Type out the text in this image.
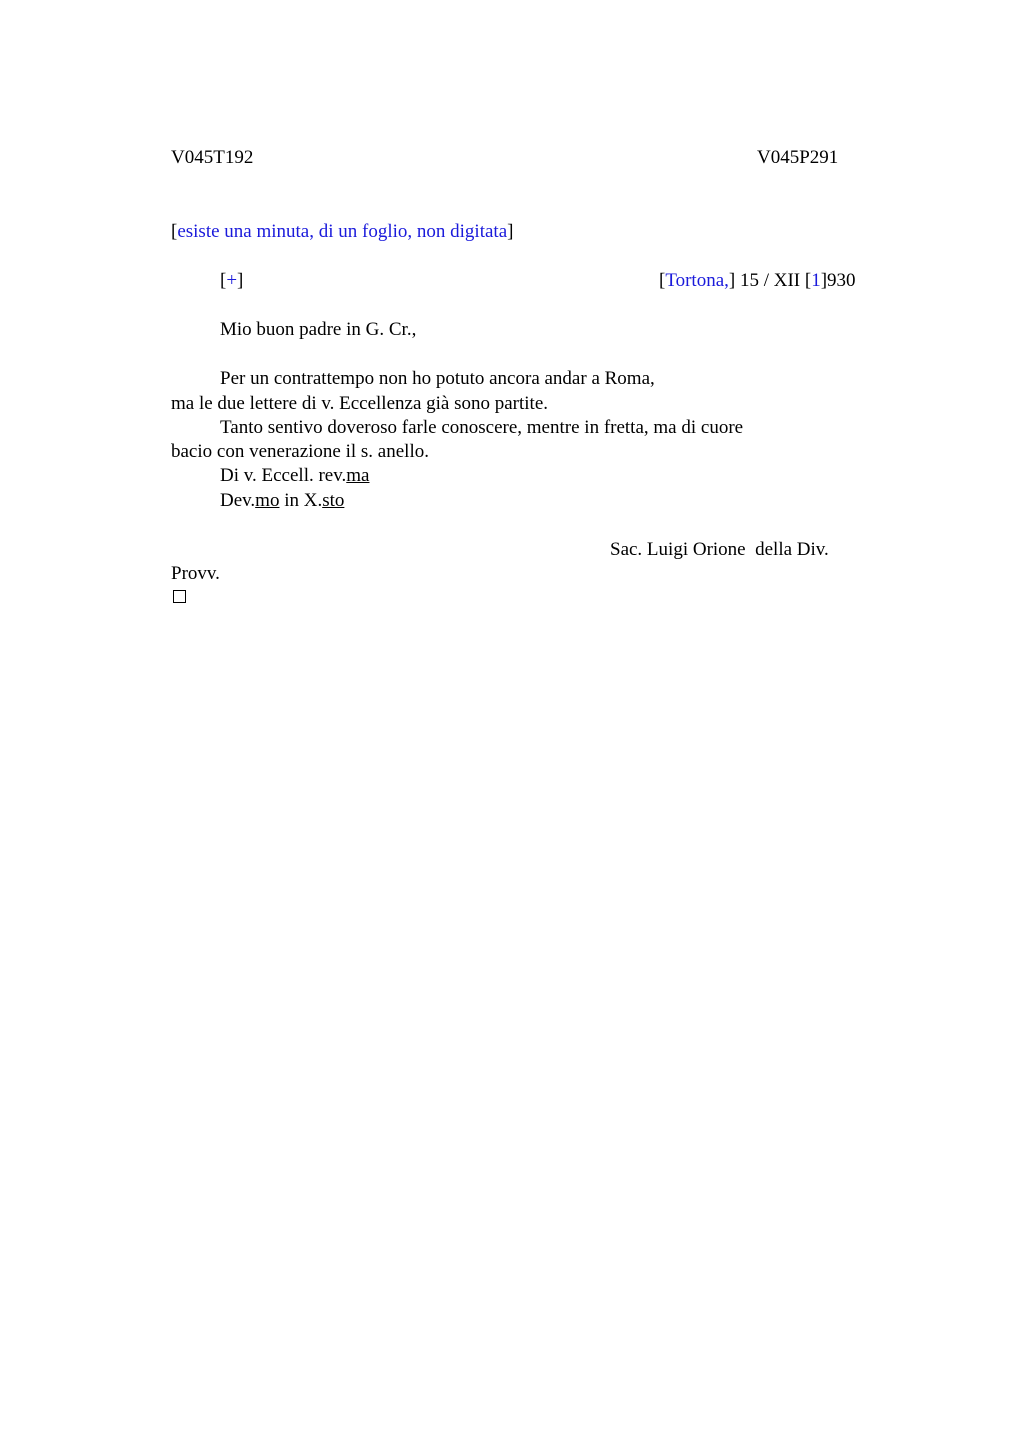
V045T192	V045P291
[esiste una minuta, di un foglio, non digitata]
[+]	[Tortona,] 15 / XII [1]930
Mio buon padre in G. Cr.,
Per un contrattempo non ho potuto ancora andar a Roma,
ma le due lettere di v. Eccellenza già sono partite.
Tanto sentivo doveroso farle conoscere, mentre in fretta, ma di cuore
bacio con venerazione il s. anello.
Di v. Eccell. rev.ma
Dev.mo in X.sto
Sac. Luigi Orione  della Div.
Provv.
